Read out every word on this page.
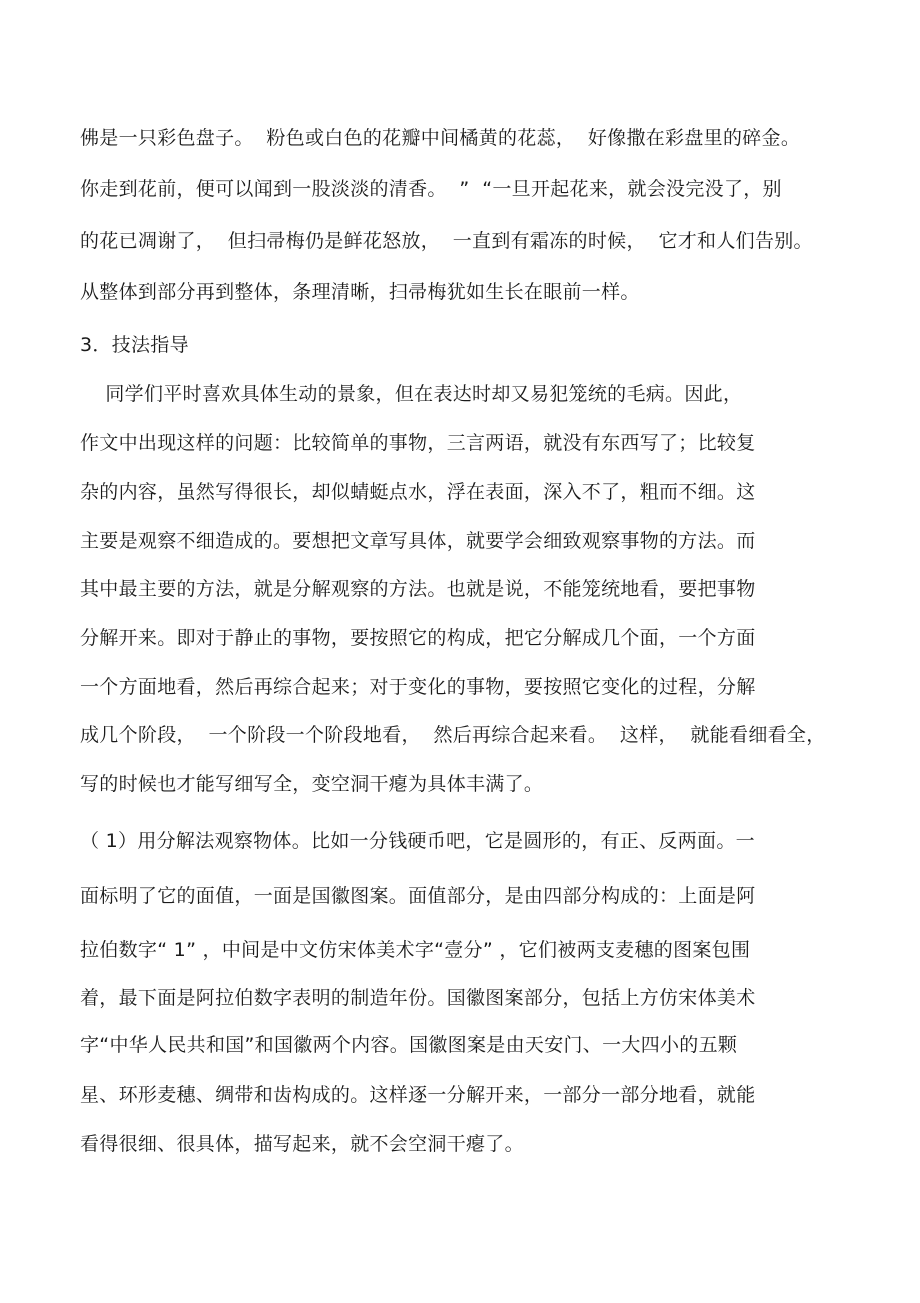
佛是一只彩色盘子。  粉色或白色的花瓣中间橘黄的花蕊，  好像撒在彩盘里的碎金。
你走到花前，便可以闻到一股淡淡的清香。  ”  “一旦开起花来，就会没完没了，别
的花已凋谢了，  但扫帚梅仍是鲜花怒放，  一直到有霜冻的时候，  它才和人们告别。
从整体到部分再到整体，条理清晰，扫帚梅犹如生长在眼前一样。
3．技法指导
同学们平时喜欢具体生动的景象，但在表达时却又易犯笼统的毛病。因此，
作文中出现这样的问题：比较简单的事物，三言两语，就没有东西写了；比较复
杂的内容，虽然写得很长，却似蜻蜓点水，浮在表面，深入不了，粗而不细。这
主要是观察不细造成的。要想把文章写具体，就要学会细致观察事物的方法。而
其中最主要的方法，就是分解观察的方法。也就是说，不能笼统地看，要把事物
分解开来。即对于静止的事物，要按照它的构成，把它分解成几个面，一个方面
一个方面地看，然后再综合起来；对于变化的事物，要按照它变化的过程，分解
成几个阶段，  一个阶段一个阶段地看，  然后再综合起来看。  这样，  就能看细看全，
写的时候也才能写细写全，变空洞干瘪为具体丰满了。
（ 1）用分解法观察物体。比如一分钱硬币吧，它是圆形的，有正、反两面。一
面标明了它的面值，一面是国徽图案。面值部分，是由四部分构成的：上面是阿
拉伯数字“ 1” ，中间是中文仿宋体美术字“壹分” ，它们被两支麦穗的图案包围
着，最下面是阿拉伯数字表明的制造年份。国徽图案部分，包括上方仿宋体美术
字“中华人民共和国”和国徽两个内容。国徽图案是由天安门、一大四小的五颗
星、环形麦穗、绸带和齿构成的。这样逐一分解开来，一部分一部分地看，就能
看得很细、很具体，描写起来，就不会空洞干瘪了。
